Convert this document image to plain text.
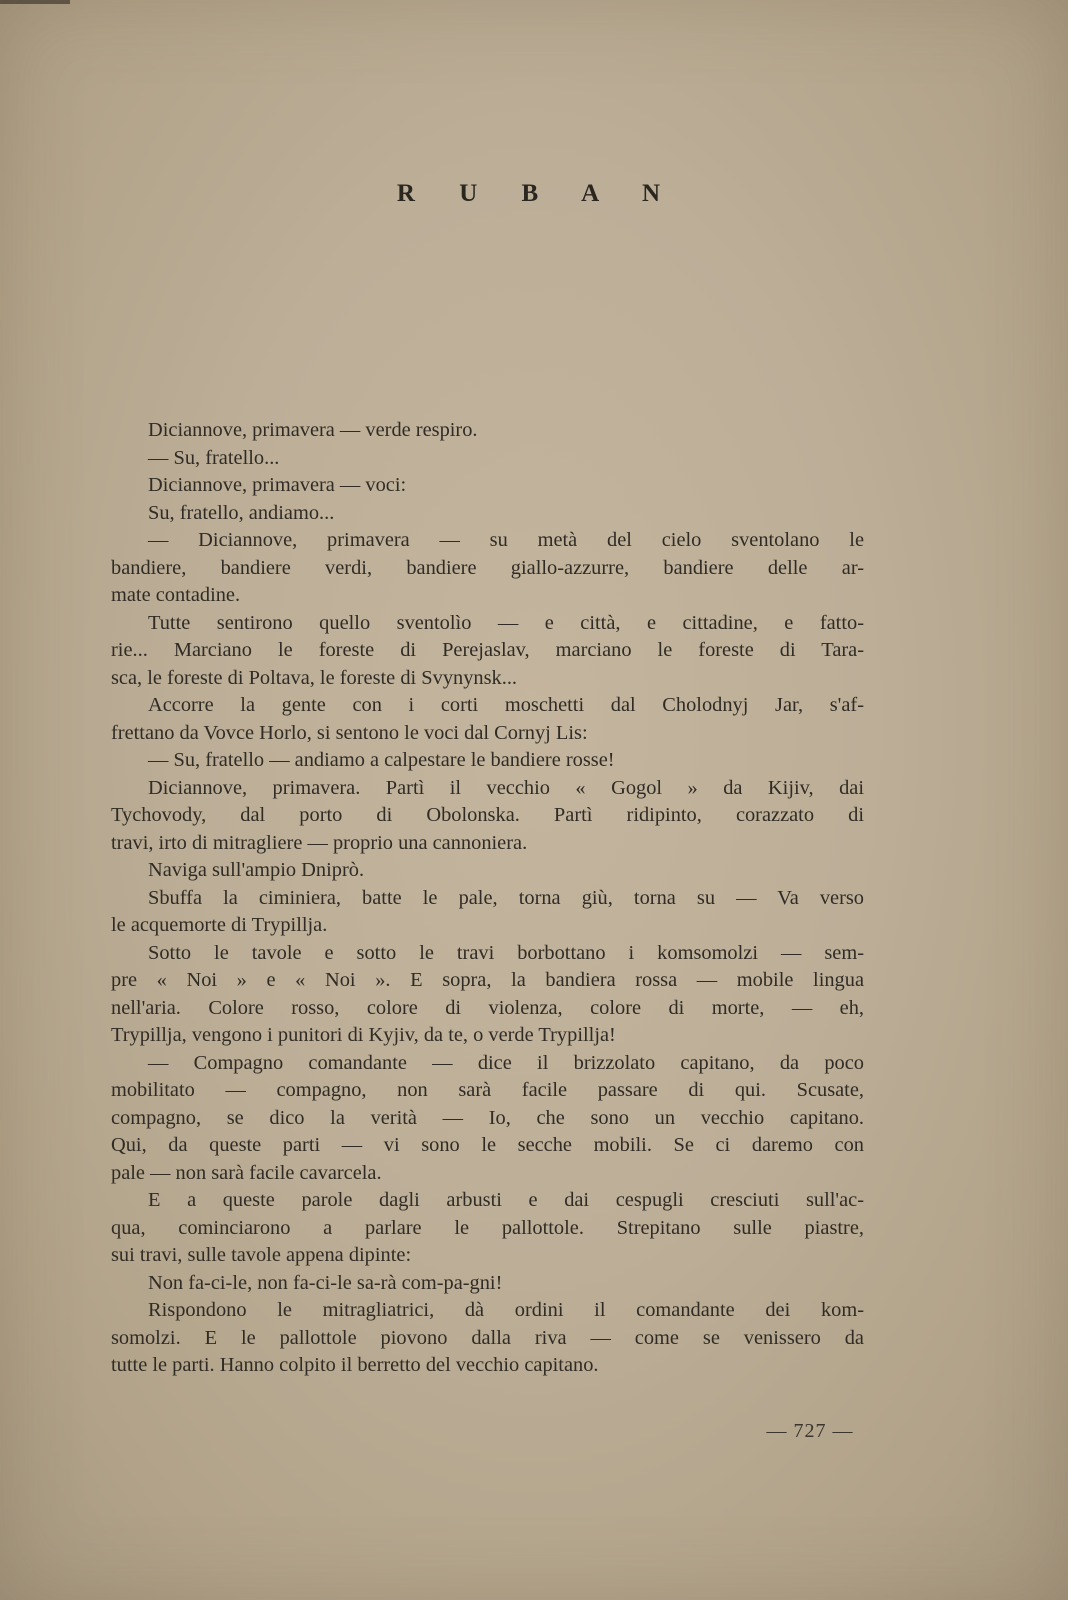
R U B A N
Diciannove, primavera — verde respiro.
— Su, fratello...
Diciannove, primavera — voci:
Su, fratello, andiamo...
— Diciannove, primavera — su metà del cielo sventolano le
bandiere, bandiere verdi, bandiere giallo-azzurre, bandiere delle ar-
mate contadine.
Tutte sentirono quello sventolìo — e città, e cittadine, e fatto-
rie... Marciano le foreste di Perejaslav, marciano le foreste di Tara-
sca, le foreste di Poltava, le foreste di Svynynsk...
Accorre la gente con i corti moschetti dal Cholodnyj Jar, s'af-
frettano da Vovce Horlo, si sentono le voci dal Cornyj Lis:
— Su, fratello — andiamo a calpestare le bandiere rosse!
Diciannove, primavera. Partì il vecchio « Gogol » da Kijiv, dai
Tychovody, dal porto di Obolonska. Partì ridipinto, corazzato di
travi, irto di mitragliere — proprio una cannoniera.
Naviga sull'ampio Dniprò.
Sbuffa la ciminiera, batte le pale, torna giù, torna su — Va verso
le acquemorte di Trypillja.
Sotto le tavole e sotto le travi borbottano i komsomolzi — sem-
pre « Noi » e « Noi ». E sopra, la bandiera rossa — mobile lingua
nell'aria. Colore rosso, colore di violenza, colore di morte, — eh,
Trypillja, vengono i punitori di Kyjiv, da te, o verde Trypillja!
— Compagno comandante — dice il brizzolato capitano, da poco
mobilitato — compagno, non sarà facile passare di qui. Scusate,
compagno, se dico la verità — Io, che sono un vecchio capitano.
Qui, da queste parti — vi sono le secche mobili. Se ci daremo con
pale — non sarà facile cavarcela.
E a queste parole dagli arbusti e dai cespugli cresciuti sull'ac-
qua, cominciarono a parlare le pallottole. Strepitano sulle piastre,
sui travi, sulle tavole appena dipinte:
Non fa-ci-le, non fa-ci-le sa-rà com-pa-gni!
Rispondono le mitragliatrici, dà ordini il comandante dei kom-
somolzi. E le pallottole piovono dalla riva — come se venissero da
tutte le parti. Hanno colpito il berretto del vecchio capitano.
— 727 —
